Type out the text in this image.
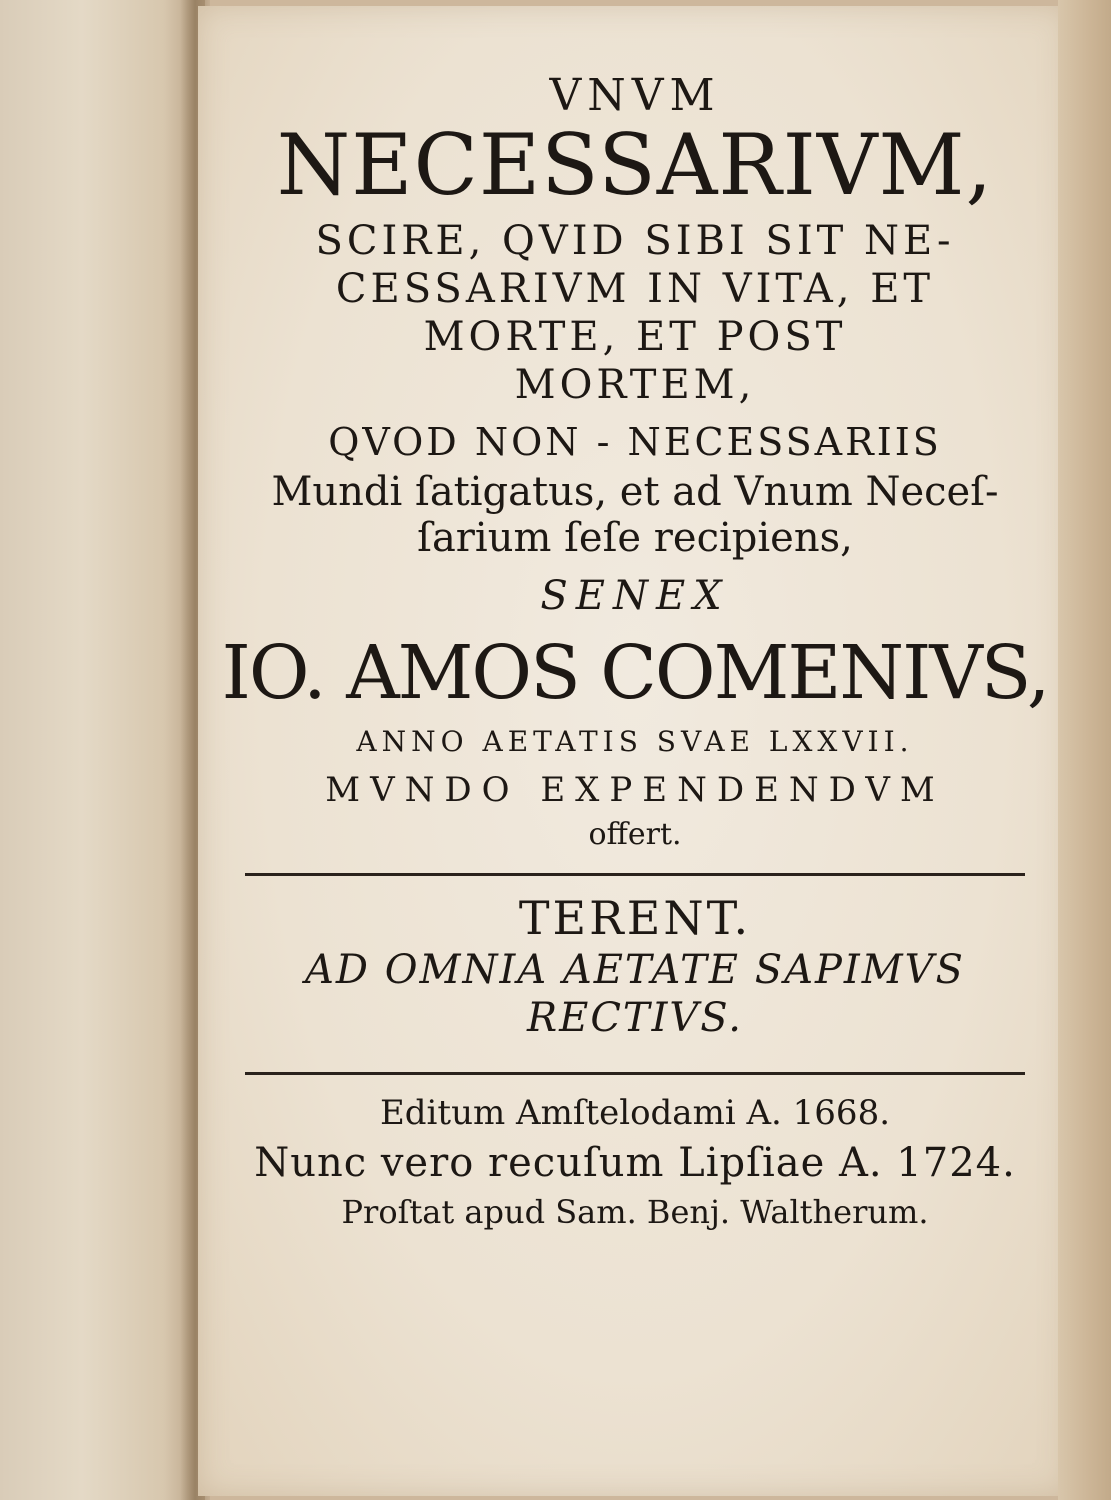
VNVM
NECESSARIVM,
SCIRE, QVID SIBI SIT NE-
CESSARIVM IN VITA, ET
MORTE, ET POST
MORTEM,
QVOD NON - NECESSARIIS
Mundi ſatigatus, et ad Vnum Neceſ-
ſarium ſeſe recipiens,
SENEX
IO. AMOS COMENIVS,
ANNO AETATIS SVAE LXXVII.
MVNDO EXPENDENDVM
offert.
TERENT.
AD OMNIA AETATE SAPIMVS
RECTIVS.
Editum Amſtelodami A. 1668.
Nunc vero recuſum Lipſiae A. 1724.
Proſtat apud Sam. Benj. Waltherum.
